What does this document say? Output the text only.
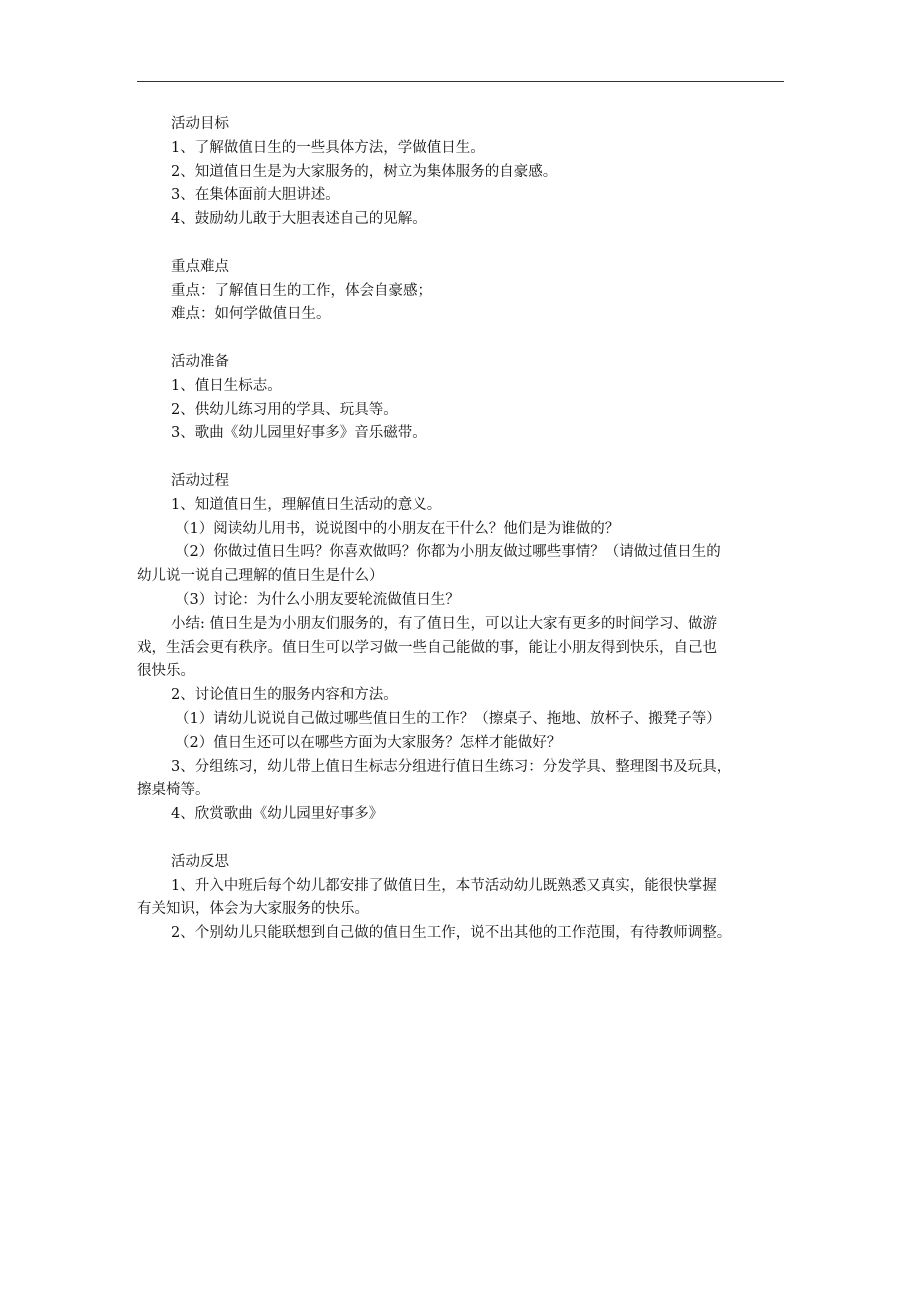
活动目标
1、了解做值日生的一些具体方法，学做值日生。
2、知道值日生是为大家服务的，树立为集体服务的自豪感。
3、在集体面前大胆讲述。
4、鼓励幼儿敢于大胆表述自己的见解。
重点难点
重点：了解值日生的工作，体会自豪感；
难点：如何学做值日生。
活动准备
1、值日生标志。
2、供幼儿练习用的学具、玩具等。
3、歌曲《幼儿园里好事多》音乐磁带。
活动过程
1、知道值日生，理解值日生活动的意义。
（1）阅读幼儿用书，说说图中的小朋友在干什么？他们是为谁做的？
（2）你做过值日生吗？你喜欢做吗？你都为小朋友做过哪些事情？（请做过值日生的
幼儿说一说自己理解的值日生是什么）
（3）讨论：为什么小朋友要轮流做值日生？
小结: 值日生是为小朋友们服务的，有了值日生，可以让大家有更多的时间学习、做游
戏，生活会更有秩序。值日生可以学习做一些自己能做的事，能让小朋友得到快乐，自己也
很快乐。
2、讨论值日生的服务内容和方法。
（1）请幼儿说说自己做过哪些值日生的工作？（擦桌子、拖地、放杯子、搬凳子等）
（2）值日生还可以在哪些方面为大家服务？怎样才能做好？
3、分组练习，幼儿带上值日生标志分组进行值日生练习：分发学具、整理图书及玩具，
擦桌椅等。
4、欣赏歌曲《幼儿园里好事多》
活动反思
1、升入中班后每个幼儿都安排了做值日生，本节活动幼儿既熟悉又真实，能很快掌握
有关知识，体会为大家服务的快乐。
2、个别幼儿只能联想到自己做的值日生工作，说不出其他的工作范围，有待教师调整。
